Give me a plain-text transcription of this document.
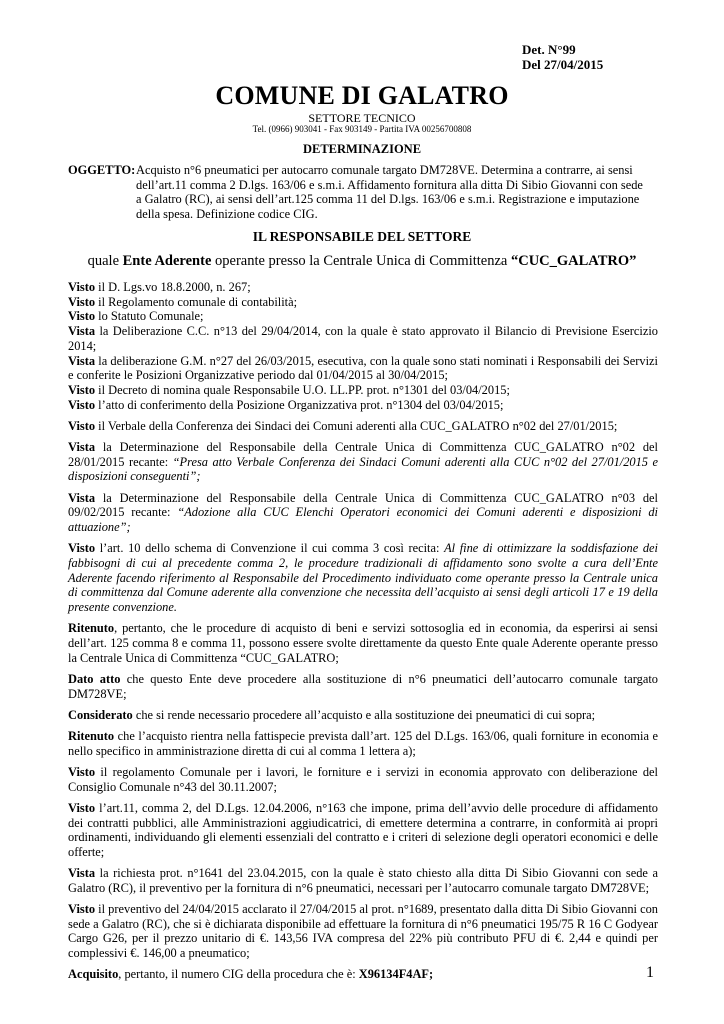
Det. N°99
Del 27/04/2015
COMUNE DI GALATRO
SETTORE TECNICO
Tel. (0966) 903041 - Fax 903149 - Partita IVA 00256700808
DETERMINAZIONE
OGGETTO: Acquisto n°6 pneumatici per autocarro comunale targato DM728VE. Determina a contrarre, ai sensi dell’art.11 comma 2 D.lgs. 163/06 e s.m.i. Affidamento fornitura alla ditta Di Sibio Giovanni con sede a Galatro (RC), ai sensi dell’art.125 comma 11 del D.lgs. 163/06 e s.m.i. Registrazione e imputazione della spesa. Definizione codice CIG.
IL RESPONSABILE DEL SETTORE
quale Ente Aderente operante presso la Centrale Unica di Committenza “CUC_GALATRO”

Visto il D. Lgs.vo 18.8.2000, n. 267;

Visto il Regolamento comunale di contabilità;

Visto lo Statuto Comunale;

Vista la Deliberazione C.C. n°13 del 29/04/2014, con la quale è stato approvato il Bilancio di Previsione Esercizio 2014;

Vista la deliberazione G.M. n°27 del 26/03/2015, esecutiva, con la quale sono stati nominati i Responsabili dei Servizi e conferite le Posizioni Organizzative periodo dal 01/04/2015 al 30/04/2015;

Visto il Decreto di nomina quale Responsabile U.O. LL.PP. prot. n°1301 del 03/04/2015;

Visto l’atto di conferimento della Posizione Organizzativa prot. n°1304 del 03/04/2015;

Visto il Verbale della Conferenza dei Sindaci dei Comuni aderenti alla CUC_GALATRO n°02 del 27/01/2015;

Vista la Determinazione del Responsabile della Centrale Unica di Committenza CUC_GALATRO n°02 del 28/01/2015 recante: “Presa atto Verbale Conferenza dei Sindaci Comuni aderenti alla CUC n°02 del 27/01/2015 e disposizioni conseguenti”;

Vista la Determinazione del Responsabile della Centrale Unica di Committenza CUC_GALATRO n°03 del 09/02/2015 recante: “Adozione alla CUC Elenchi Operatori economici dei Comuni aderenti e disposizioni di attuazione”;

Visto l’art. 10 dello schema di Convenzione il cui comma 3 così recita: Al fine di ottimizzare la soddisfazione dei fabbisogni di cui al precedente comma 2, le procedure tradizionali di affidamento sono svolte a cura dell’Ente Aderente facendo riferimento al Responsabile del Procedimento individuato come operante presso la Centrale unica di committenza dal Comune aderente alla convenzione che necessita dell’acquisto ai sensi degli articoli 17 e 19 della presente convenzione.

Ritenuto, pertanto, che le procedure di acquisto di beni e servizi sottosoglia ed in economia, da esperirsi ai sensi dell’art. 125 comma 8 e comma 11, possono essere svolte direttamente da questo Ente quale Aderente operante presso la Centrale Unica di Committenza “CUC_GALATRO;

Dato atto che questo Ente deve procedere alla sostituzione di n°6 pneumatici dell’autocarro comunale targato DM728VE;

Considerato che si rende necessario procedere all’acquisto e alla sostituzione dei pneumatici di cui sopra;

Ritenuto che l’acquisto rientra nella fattispecie prevista dall’art. 125 del D.Lgs. 163/06, quali forniture in economia e nello specifico in amministrazione diretta di cui al comma 1 lettera a);

Visto il regolamento Comunale per i lavori, le forniture e i servizi in economia approvato con deliberazione del Consiglio Comunale n°43 del 30.11.2007;

Visto l’art.11, comma 2, del D.Lgs. 12.04.2006, n°163 che impone, prima dell’avvio delle procedure di affidamento dei contratti pubblici, alle Amministrazioni aggiudicatrici, di emettere determina a contrarre, in conformità ai propri ordinamenti, individuando gli elementi essenziali del contratto e i criteri di selezione degli operatori economici e delle offerte;

Vista la richiesta prot. n°1641 del 23.04.2015, con la quale è stato chiesto alla ditta Di Sibio Giovanni con sede a Galatro (RC), il preventivo per la fornitura di n°6 pneumatici, necessari per l’autocarro comunale targato DM728VE;

Visto il preventivo del 24/04/2015 acclarato il 27/04/2015 al prot. n°1689, presentato dalla ditta Di Sibio Giovanni con sede a Galatro (RC), che si è dichiarata disponibile ad effettuare la fornitura di n°6 pneumatici 195/75 R 16 C Godyear Cargo G26, per il prezzo unitario di €. 143,56 IVA compresa del 22% più contributo PFU di €. 2,44 e quindi per complessivi €. 146,00 a pneumatico;

Acquisito, pertanto, il numero CIG della procedura che è: X96134F4AF;	1
